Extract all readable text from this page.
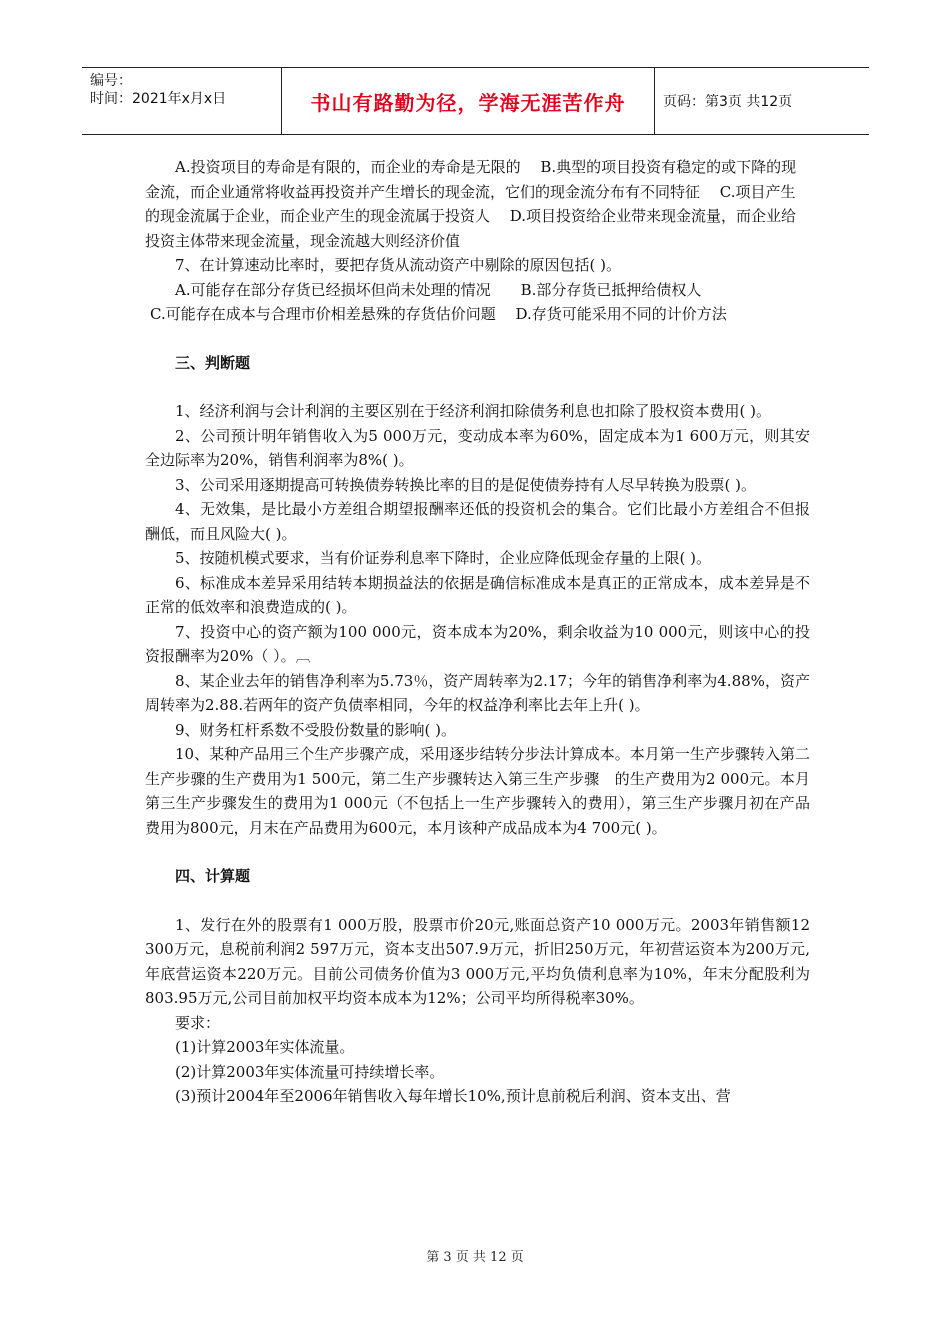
编号：
时间：2021年x月x日	书山有路勤为径，学海无涯苦作舟	页码：第3页 共12页

A.投资项目的寿命是有限的，而企业的寿命是无限的　 B.典型的项目投资有稳定的或下降的现金流，而企业通常将收益再投资并产生增长的现金流，它们的现金流分布有不同特征　 C.项目产生的现金流属于企业，而企业产生的现金流属于投资人　 D.项目投资给企业带来现金流量，而企业给投资主体带来现金流量，现金流越大则经济价值

7、在计算速动比率时，要把存货从流动资产中剔除的原因包括( )。

A.可能存在部分存货已经损坏但尚未处理的情况　　B.部分存货已抵押给债权人

C.可能存在成本与合理市价相差悬殊的存货估价问题　 D.存货可能采用不同的计价方法

三、判断题

1、经济利润与会计利润的主要区别在于经济利润扣除债务利息也扣除了股权资本费用( )。

2、公司预计明年销售收入为5 000万元，变动成本率为60%，固定成本为1 600万元，则其安全边际率为20%，销售利润率为8%( )。

3、公司采用逐期提高可转换债券转换比率的目的是促使债券持有人尽早转换为股票( )。

4、无效集，是比最小方差组合期望报酬率还低的投资机会的集合。它们比最小方差组合不但报酬低，而且风险大( )。

5、按随机模式要求，当有价证券利息率下降时，企业应降低现金存量的上限( )。

6、标准成本差异采用结转本期损益法的依据是确信标准成本是真正的正常成本，成本差异是不正常的低效率和浪费造成的( )。

7、投资中心的资产额为100 000元，资本成本为20%，剩余收益为10 000元，则该中心的投资报酬率为20%（ ）。︹

8、某企业去年的销售净利率为5.73％，资产周转率为2.17；今年的销售净利率为4.88%，资产周转率为2.88.若两年的资产负债率相同，今年的权益净利率比去年上升( )。

9、财务杠杆系数不受股份数量的影响( )。

10、某种产品用三个生产步骤产成，采用逐步结转分步法计算成本。本月第一生产步骤转入第二生产步骤的生产费用为1 500元，第二生产步骤转达入第三生产步骤　的生产费用为2 000元。本月第三生产步骤发生的费用为1 000元（不包括上一生产步骤转入的费用），第三生产步骤月初在产品费用为800元，月末在产品费用为600元，本月该种产成品成本为4 700元( )。

四、计算题

1、发行在外的股票有1 000万股，股票市价20元,账面总资产10 000万元。2003年销售额12 300万元，息税前利润2 597万元，资本支出507.9万元，折旧250万元，年初营运资本为200万元,年底营运资本220万元。目前公司债务价值为3 000万元,平均负债利息率为10%，年末分配股利为803.95万元,公司目前加权平均资本成本为12%；公司平均所得税率30%。

要求：

(1)计算2003年实体流量。

(2)计算2003年实体流量可持续增长率。

(3)预计2004年至2006年销售收入每年增长10%,预计息前税后利润、资本支出、营

第 3 页 共 12 页
